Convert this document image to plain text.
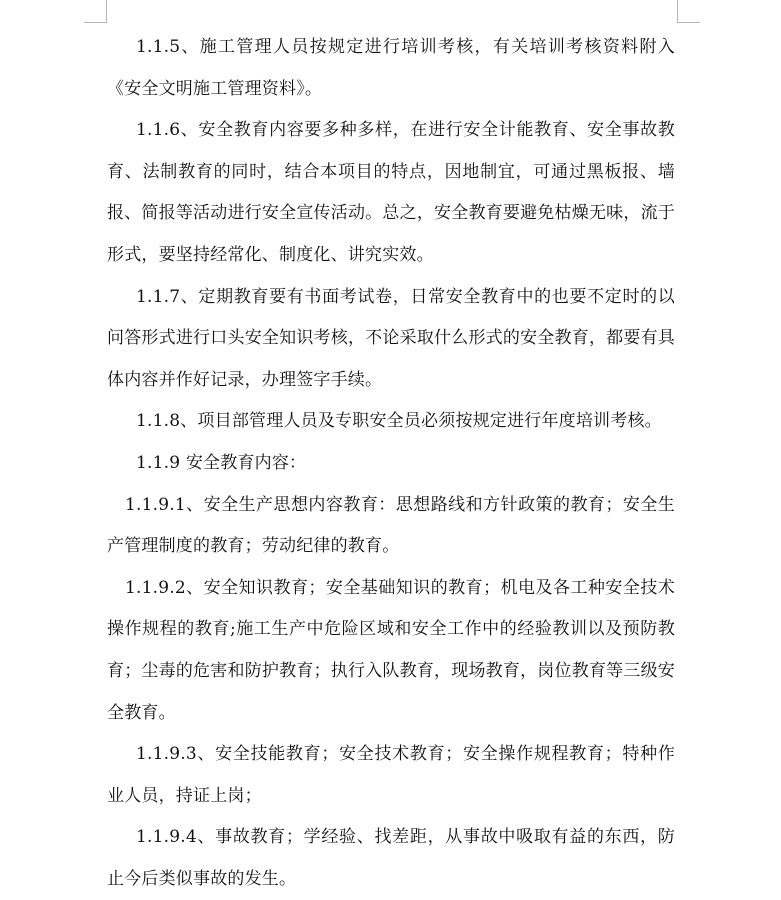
1.1.5、施工管理人员按规定进行培训考核，有关培训考核资料附入《安全文明施工管理资料》。

1.1.6、安全教育内容要多种多样，在进行安全计能教育、安全事故教育、法制教育的同时，结合本项目的特点，因地制宜，可通过黑板报、墙报、简报等活动进行安全宣传活动。总之，安全教育要避免枯燥无味，流于形式，要坚持经常化、制度化、讲究实效。

1.1.7、定期教育要有书面考试卷，日常安全教育中的也要不定时的以问答形式进行口头安全知识考核，不论采取什么形式的安全教育，都要有具体内容并作好记录，办理签字手续。

1.1.8、项目部管理人员及专职安全员必须按规定进行年度培训考核。

1.1.9 安全教育内容：

1.1.9.1、安全生产思想内容教育：思想路线和方针政策的教育；安全生产管理制度的教育；劳动纪律的教育。

1.1.9.2、安全知识教育；安全基础知识的教育；机电及各工种安全技术操作规程的教育;施工生产中危险区域和安全工作中的经验教训以及预防教育；尘毒的危害和防护教育；执行入队教育，现场教育，岗位教育等三级安全教育。

1.1.9.3、安全技能教育；安全技术教育；安全操作规程教育；特种作业人员，持证上岗；

1.1.9.4、事故教育；学经验、找差距，从事故中吸取有益的东西，防止今后类似事故的发生。
